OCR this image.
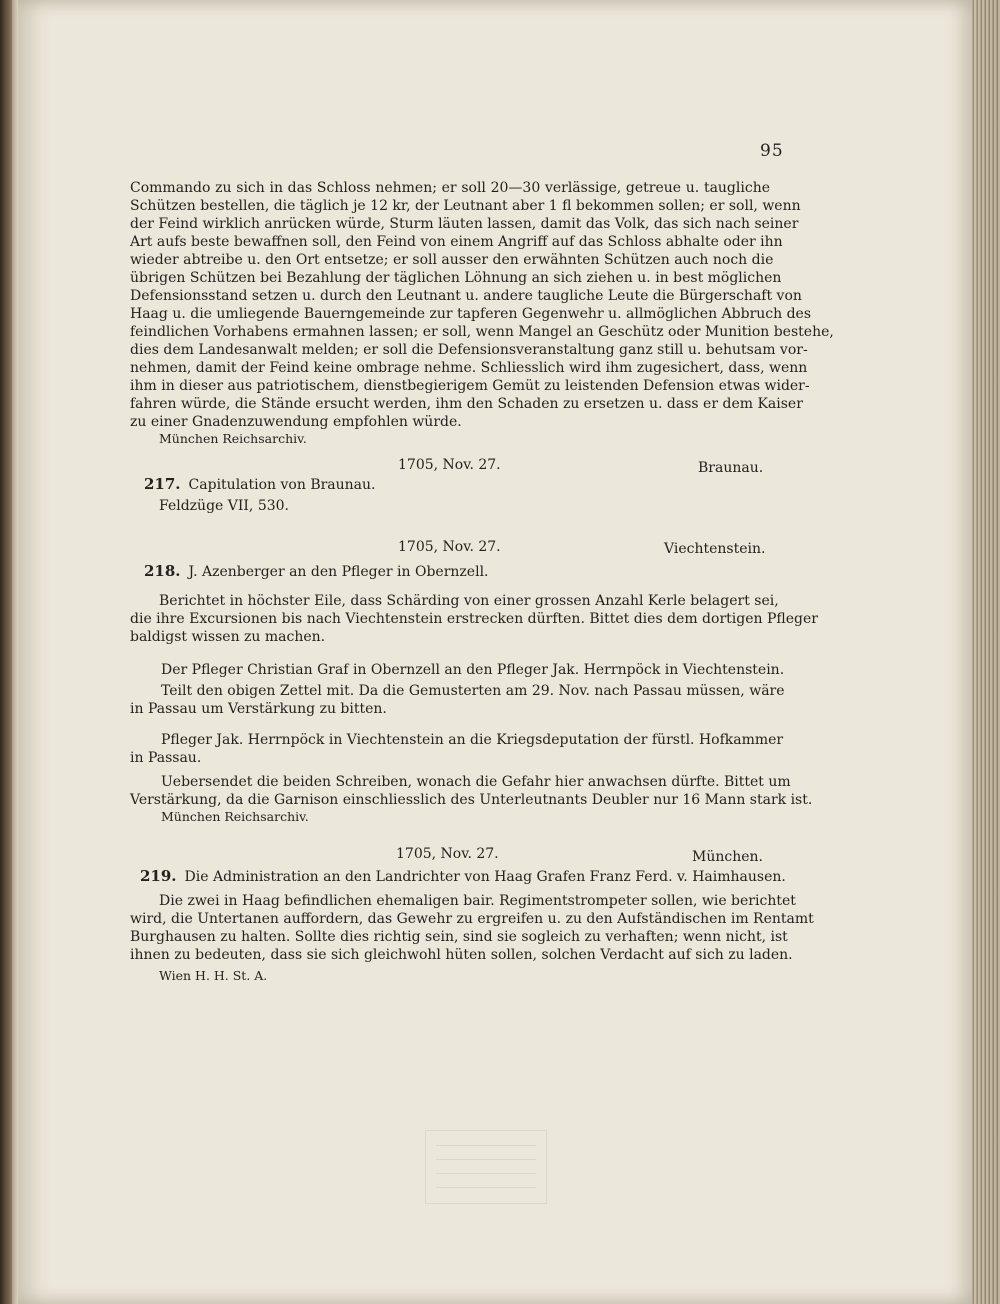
95
Commando zu sich in das Schloss nehmen; er soll 20—30 verlässige, getreue u. taugliche
Schützen bestellen, die täglich je 12 kr, der Leutnant aber 1 fl bekommen sollen; er soll, wenn
der Feind wirklich anrücken würde, Sturm läuten lassen, damit das Volk, das sich nach seiner
Art aufs beste bewaffnen soll, den Feind von einem Angriff auf das Schloss abhalte oder ihn
wieder abtreibe u. den Ort entsetze; er soll ausser den erwähnten Schützen auch noch die
übrigen Schützen bei Bezahlung der täglichen Löhnung an sich ziehen u. in best möglichen
Defensionsstand setzen u. durch den Leutnant u. andere taugliche Leute die Bürgerschaft von
Haag u. die umliegende Bauerngemeinde zur tapferen Gegenwehr u. allmöglichen Abbruch des
feindlichen Vorhabens ermahnen lassen; er soll, wenn Mangel an Geschütz oder Munition bestehe,
dies dem Landesanwalt melden; er soll die Defensionsveranstaltung ganz still u. behutsam vor-
nehmen, damit der Feind keine ombrage nehme. Schliesslich wird ihm zugesichert, dass, wenn
ihm in dieser aus patriotischem, dienstbegierigem Gemüt zu leistenden Defension etwas wider-
fahren würde, die Stände ersucht werden, ihm den Schaden zu ersetzen u. dass er dem Kaiser
zu einer Gnadenzuwendung empfohlen würde.
München Reichsarchiv.
1705, Nov. 27.	Braunau.
217. Capitulation von Braunau.
Feldzüge VII, 530.
1705, Nov. 27.	Viechtenstein.
218. J. Azenberger an den Pfleger in Obernzell.
Berichtet in höchster Eile, dass Schärding von einer grossen Anzahl Kerle belagert sei,
die ihre Excursionen bis nach Viechtenstein erstrecken dürften. Bittet dies dem dortigen Pfleger
baldigst wissen zu machen.
Der Pfleger Christian Graf in Obernzell an den Pfleger Jak. Herrnpöck in Viechtenstein.
Teilt den obigen Zettel mit. Da die Gemusterten am 29. Nov. nach Passau müssen, wäre
in Passau um Verstärkung zu bitten.
Pfleger Jak. Herrnpöck in Viechtenstein an die Kriegsdeputation der fürstl. Hofkammer
in Passau.
Uebersendet die beiden Schreiben, wonach die Gefahr hier anwachsen dürfte. Bittet um
Verstärkung, da die Garnison einschliesslich des Unterleutnants Deubler nur 16 Mann stark ist.
München Reichsarchiv.
1705, Nov. 27.	München.
219. Die Administration an den Landrichter von Haag Grafen Franz Ferd. v. Haimhausen.
Die zwei in Haag befindlichen ehemaligen bair. Regimentstrompeter sollen, wie berichtet
wird, die Untertanen auffordern, das Gewehr zu ergreifen u. zu den Aufständischen im Rentamt
Burghausen zu halten. Sollte dies richtig sein, sind sie sogleich zu verhaften; wenn nicht, ist
ihnen zu bedeuten, dass sie sich gleichwohl hüten sollen, solchen Verdacht auf sich zu laden.
Wien H. H. St. A.
